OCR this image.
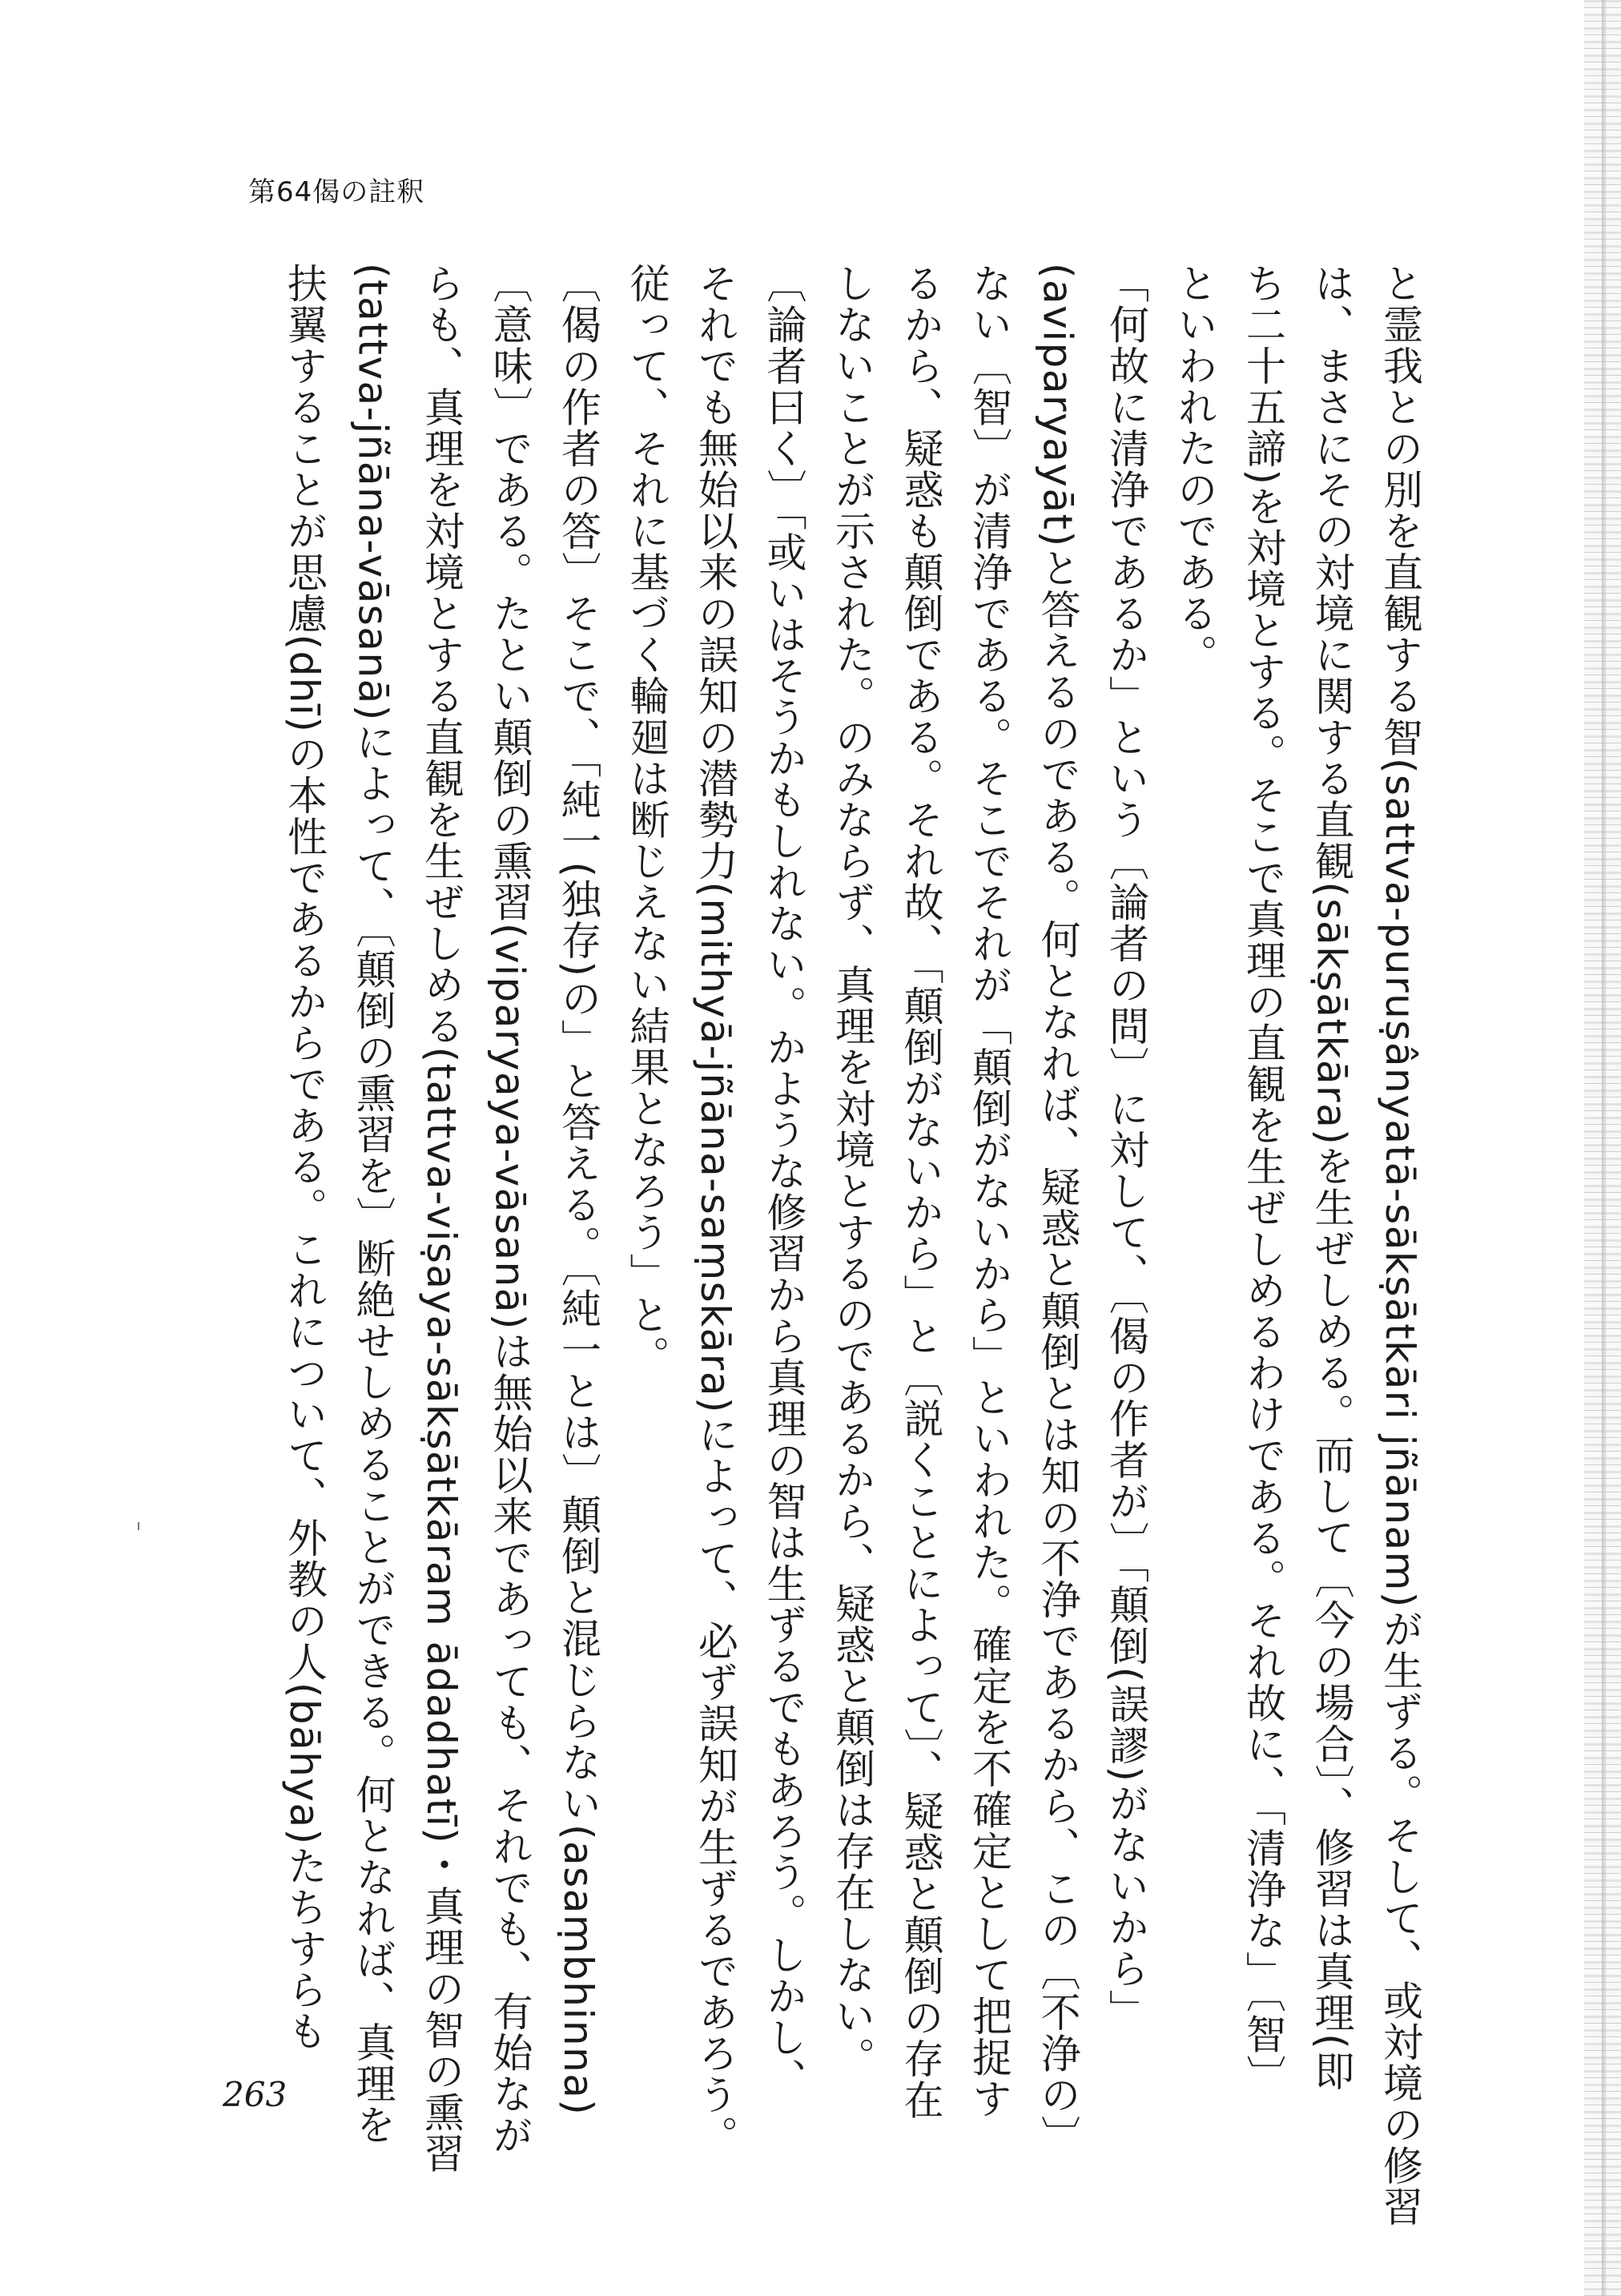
第64偈の註釈
と霊我との別を直観する智(sattva-puruṣânyatā-sākṣātkāri jñānam)が生ずる。そして、或対境の修習
は、まさにその対境に関する直観(sākṣātkāra)を生ぜしめる。而して〔今の場合〕、修習は真理(即
ち二十五諦)を対境とする。そこで真理の直観を生ぜしめるわけである。それ故に、「清浄な」〔智〕
といわれたのである。
「何故に清浄であるか」という〔論者の問〕に対して、〔偈の作者が〕「顛倒(誤謬)がないから」
(aviparyayāt)と答えるのである。何となれば、疑惑と顛倒とは知の不浄であるから、この〔不浄の〕
ない〔智〕が清浄である。そこでそれが「顛倒がないから」といわれた。確定を不確定として把捉す
るから、疑惑も顛倒である。それ故、「顛倒がないから」と〔説くことによって〕、疑惑と顛倒の存在
しないことが示された。のみならず、真理を対境とするのであるから、疑惑と顛倒は存在しない。
〔論者曰く〕「或いはそうかもしれない。かような修習から真理の智は生ずるでもあろう。しかし、
それでも無始以来の誤知の潜勢力(mithyā-jñāna-saṃskāra)によって、必ず誤知が生ずるであろう。
従って、それに基づく輪廻は断じえない結果となろう」と。
〔偈の作者の答〕そこで、「純一(独存)の」と答える。〔純一とは〕顛倒と混じらない(asaṃbhinna)
〔意味〕である。たとい顛倒の熏習(viparyaya-vāsanā)は無始以来であっても、それでも、有始なが
らも、真理を対境とする直観を生ぜしめる(tattva-viṣaya-sākṣātkāram ādadhatī)・真理の智の熏習
(tattva-jñāna-vāsanā)によって、〔顛倒の熏習を〕断絶せしめることができる。何となれば、真理を
扶翼することが思慮(dhī)の本性であるからである。これについて、外教の人(bāhya)たちすらも
263
